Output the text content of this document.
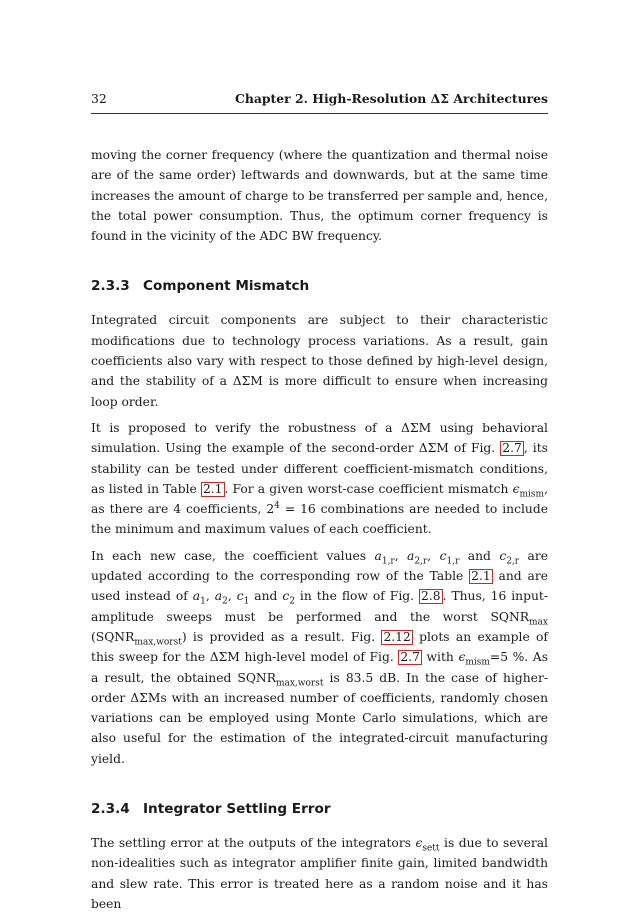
32	Chapter 2. High-Resolution ΔΣ Architectures

moving the corner frequency (where the quantization and thermal noise are of the same order) leftwards and downwards, but at the same time increases the amount of charge to be transferred per sample and, hence, the total power consumption. Thus, the optimum corner frequency is found in the vicinity of the ADC BW frequency.

2.3.3 Component Mismatch

Integrated circuit components are subject to their characteristic modifications due to technology process variations. As a result, gain coefficients also vary with respect to those defined by high-level design, and the stability of a ΔΣM is more difficult to ensure when increasing loop order.

It is proposed to verify the robustness of a ΔΣM using behavioral simulation. Using the example of the second-order ΔΣM of Fig. 2.7 , its stability can be tested under different coefficient-mismatch conditions, as listed in Table 2.1 . For a given worst-case coefficient mismatch $\epsilon_{mism}$, as there are 4 coefficients, $2^4 = 16$ combinations are needed to include the minimum and maximum values of each coefficient.

In each new case, the coefficient values $a_{1,r}$, $a_{2,r}$, $c_{1,r}$ and $c_{2,r}$ are updated according to the corresponding row of the Table 2.1 and are used instead of $a_1$, $a_2$, $c_1$ and $c_2$ in the flow of Fig. 2.8 . Thus, 16 input-amplitude sweeps must be performed and the worst $SQNR_{max}$ $(SQNR_{max,worst})$ is provided as a result. Fig. 2.12 plots an example of this sweep for the ΔΣM high-level model of Fig. 2.7 with $\epsilon_{mism}=5$ %. As a result, the obtained $SQNR_{max,worst}$ is 83.5 dB. In the case of higher-order ΔΣMs with an increased number of coefficients, randomly chosen variations can be employed using Monte Carlo simulations, which are also useful for the estimation of the integrated-circuit manufacturing yield.

2.3.4 Integrator Settling Error

The settling error at the outputs of the integrators $\epsilon_{sett}$ is due to several non-idealities such as integrator amplifier finite gain, limited bandwidth and slew rate. This error is treated here as a random noise and it has been
